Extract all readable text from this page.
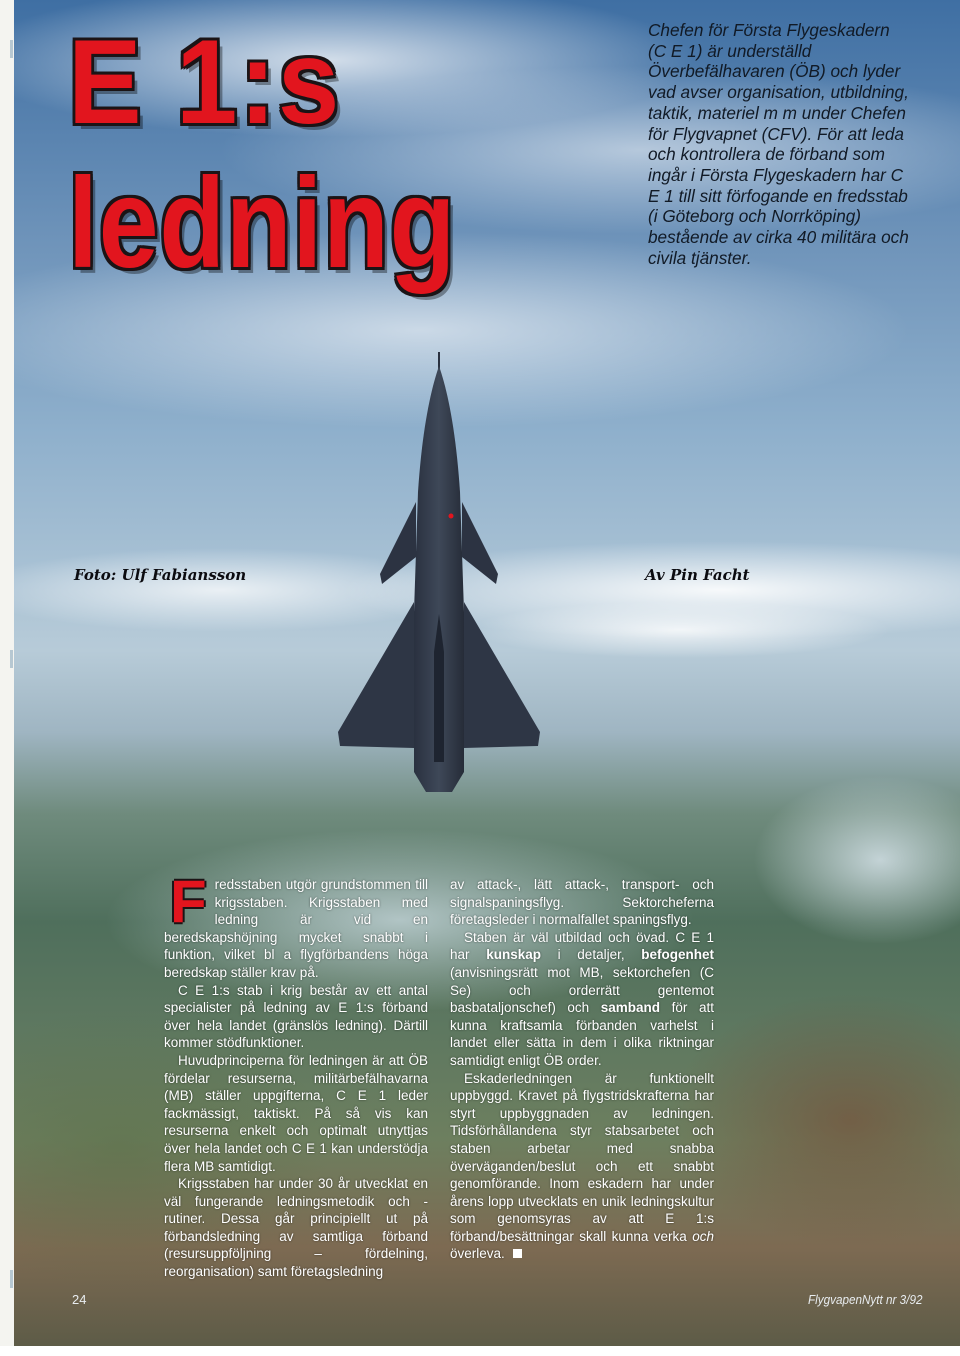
E 1:s
ledning
Chefen för Första Flygeskadern (C E 1) är underställd Överbefälhavaren (ÖB) och lyder vad avser organisation, utbildning, taktik, materiel m m under Chefen för Flygvapnet (CFV). För att leda och kontrollera de förband som ingår i Första Flygeskadern har C E 1 till sitt förfogande en fredsstab (i Göteborg och Norrköping) bestående av cirka 40 militära och civila tjänster.
Foto: Ulf Fabiansson	Av Pin Facht

Fredsstaben utgör grundstommen till krigsstaben. Krigsstaben med ledning är vid en beredskapshöjning mycket snabbt i funktion, vilket bl a flygförbandens höga beredskap ställer krav på.

C E 1:s stab i krig består av ett antal specialister på ledning av E 1:s förband över hela landet (gränslös ledning). Därtill kommer stödfunktioner.

Huvudprinciperna för ledningen är att ÖB fördelar resurserna, militärbefälhavarna (MB) ställer uppgifterna, C E 1 leder fackmässigt, taktiskt. På så vis kan resurserna enkelt och optimalt utnyttjas över hela landet och C E 1 kan understödja flera MB samtidigt.

Krigsstaben har under 30 år utvecklat en väl fungerande ledningsmetodik och -rutiner. Dessa går principiellt ut på förbandsledning av samtliga förband (resursuppföljning – fördelning, reorganisation) samt företagsledning

av attack-, lätt attack-, transport- och signalspaningsflyg. Sektorcheferna företagsleder i normalfallet spaningsflyg.

Staben är väl utbildad och övad. C E 1 har kunskap i detaljer, befogenhet (anvisningsrätt mot MB, sektorchefen (C Se) och orderrätt gentemot basbataljonschef) och samband för att kunna kraftsamla förbanden varhelst i landet eller sätta in dem i olika riktningar samtidigt enligt ÖB order.

Eskaderledningen är funktionellt uppbyggd. Kravet på flygstridskrafterna har styrt uppbyggnaden av ledningen. Tidsförhållandena styr stabsarbetet och staben arbetar med snabba överväganden/beslut och ett snabbt genomförande. Inom eskadern har under årens lopp utvecklats en unik ledningskultur som genomsyras av att E 1:s förband/besättningar skall kunna verka och överleva.

24	FlygvapenNytt nr 3/92
